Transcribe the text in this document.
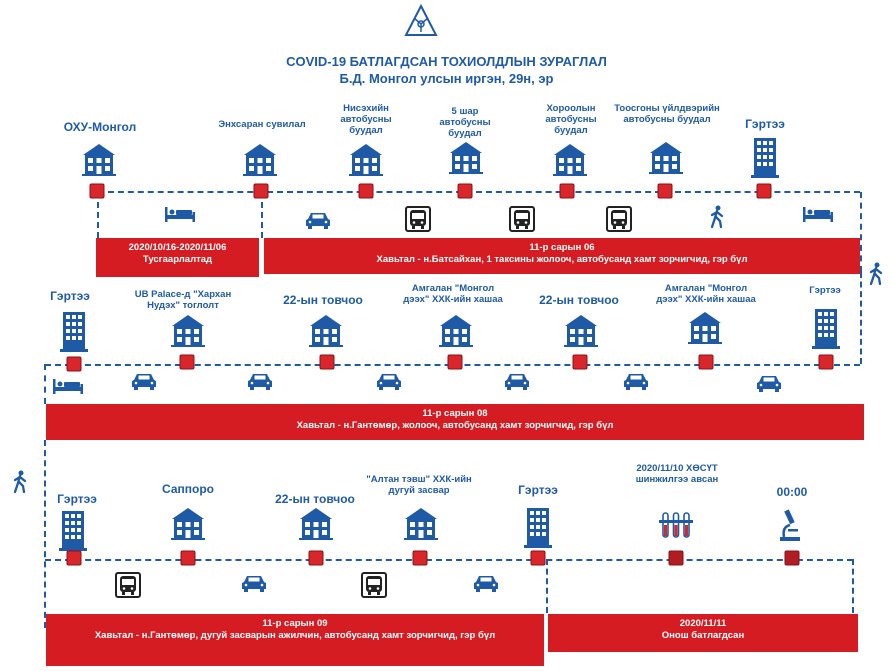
COVID-19 БАТЛАГДСАН ТОХИОЛДЛЫН ЗУРАГЛАЛ
Б.Д. Монгол улсын иргэн, 29н, эр
ОХУ-Монгол	Энхсаран сувилал
Нисэхийн автобусны буудал
5 шар автобусны буудал
Хороолын автобусны буудал
Тоосгоны үйлдвэрийн автобусны буудал	Гэртээ
2020/10/16-2020/11/06
Тусгаарлалтад
11-р сарын 06
Хавьтал - н.Батсайхан, 1 таксины жолооч, автобусанд хамт зорчигчид, гэр бүл
Гэртээ	UB Palace-д "Хархан Нудэх" тоглолт	22-ын товчоо
Амгалан "Монгол дээх" ХХК-ийн хашаа	22-ын товчоо
Амгалан "Монгол дээх" ХХК-ийн хашаа
Гэртээ
11-р сарын 08
Хавьтал - н.Гантөмөр, жолооч, автобусанд хамт зорчигчид, гэр бүл
Гэртээ
Саппоро
22-ын товчоо
"Алтан тэвш" ХХК-ийн дугуй засвар	Гэртээ
2020/11/10 ХӨСҮТ шинжилгээ авсан
00:00
11-р сарын 09
Хавьтал - н.Гантөмөр, дугуй засварын ажилчин, автобусанд хамт зорчигчид, гэр бүл
2020/11/11
Онош батлагдсан
